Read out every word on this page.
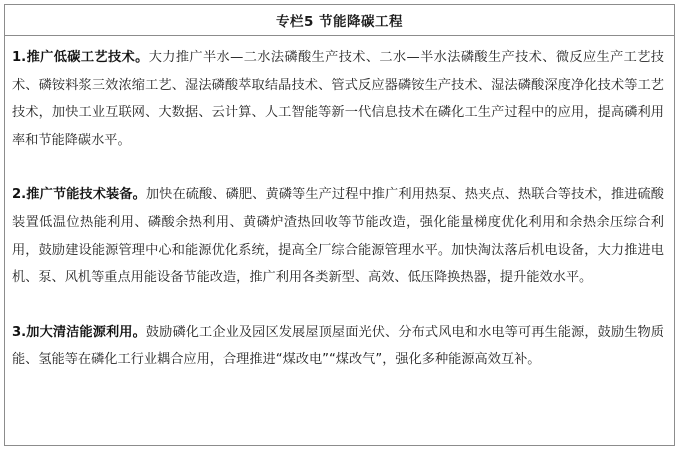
专栏5 节能降碳工程

1.推广低碳工艺技术。大力推广半水—二水法磷酸生产技术、二水—半水法磷酸生产技术、微反应生产工艺技术、磷铵料浆三效浓缩工艺、湿法磷酸萃取结晶技术、管式反应器磷铵生产技术、湿法磷酸深度净化技术等工艺技术，加快工业互联网、大数据、云计算、人工智能等新一代信息技术在磷化工生产过程中的应用，提高磷利用率和节能降碳水平。

2.推广节能技术装备。加快在硫酸、磷肥、黄磷等生产过程中推广利用热泵、热夹点、热联合等技术，推进硫酸装置低温位热能利用、磷酸余热利用、黄磷炉渣热回收等节能改造，强化能量梯度优化利用和余热余压综合利用，鼓励建设能源管理中心和能源优化系统，提高全厂综合能源管理水平。加快淘汰落后机电设备，大力推进电机、泵、风机等重点用能设备节能改造，推广利用各类新型、高效、低压降换热器，提升能效水平。

3.加大清洁能源利用。鼓励磷化工企业及园区发展屋顶屋面光伏、分布式风电和水电等可再生能源，鼓励生物质能、氢能等在磷化工行业耦合应用，合理推进“煤改电”“煤改气”，强化多种能源高效互补。
